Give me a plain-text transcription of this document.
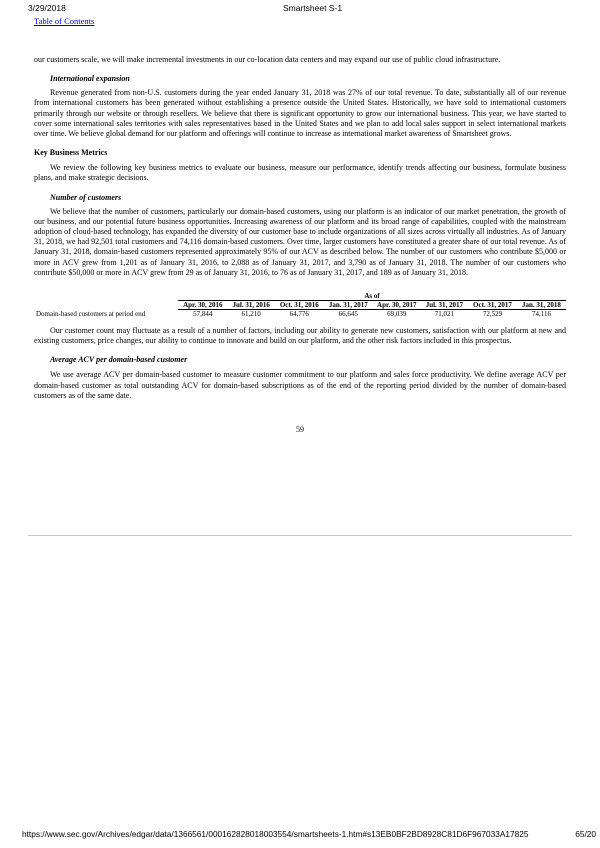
3/29/2018	Smartsheet S-1
Table of Contents

our customers scale, we will make incremental investments in our co-location data centers and may expand our use of public cloud infrastructure.

International expansion

Revenue generated from non-U.S. customers during the year ended January 31, 2018 was 27% of our total revenue. To date, substantially all of our revenue from international customers has been generated without establishing a presence outside the United States. Historically, we have sold to international customers primarily through our website or through resellers. We believe that there is significant opportunity to grow our international business. This year, we have started to cover some international sales territories with sales representatives based in the United States and we plan to add local sales support in select international markets over time. We believe global demand for our platform and offerings will continue to increase as international market awareness of Smartsheet grows.

Key Business Metrics

We review the following key business metrics to evaluate our business, measure our performance, identify trends affecting our business, formulate business plans, and make strategic decisions.

Number of customers

We believe that the number of customers, particularly our domain-based customers, using our platform is an indicator of our market penetration, the growth of our business, and our potential future business opportunities. Increasing awareness of our platform and its broad range of capabilities, coupled with the mainstream adoption of cloud-based technology, has expanded the diversity of our customer base to include organizations of all sizes across virtually all industries. As of January 31, 2018, we had 92,501 total customers and 74,116 domain-based customers. Over time, larger customers have constituted a greater share of our total revenue. As of January 31, 2018, domain-based customers represented approximately 95% of our ACV as described below. The number of our customers who contribute $5,000 or more in ACV grew from 1,201 as of January 31, 2016, to 2,088 as of January 31, 2017, and 3,790 as of January 31, 2018. The number of our customers who contribute $50,000 or more in ACV grew from 29 as of January 31, 2016, to 76 as of January 31, 2017, and 189 as of January 31, 2018.

	As of							
	Apr. 30, 2016	Jul. 31, 2016	Oct. 31, 2016	Jan. 31, 2017	Apr. 30, 2017	Jul. 31, 2017	Oct. 31, 2017	Jan. 31, 2018
Domain-based customers at period end	57,844	61,210	64,776	66,645	69,039	71,021	72,529	74,116

Our customer count may fluctuate as a result of a number of factors, including our ability to generate new customers, satisfaction with our platform at new and existing customers, price changes, our ability to continue to innovate and build on our platform, and the other risk factors included in this prospectus.

Average ACV per domain-based customer

We use average ACV per domain-based customer to measure customer commitment to our platform and sales force productivity. We define average ACV per domain-based customer as total outstanding ACV for domain-based subscriptions as of the end of the reporting period divided by the number of domain-based customers as of the same date.

59
https://www.sec.gov/Archives/edgar/data/1366561/000162828018003554/smartsheets-1.htm#s13EB0BF2BD8928C81D6F967033A17825	65/20
